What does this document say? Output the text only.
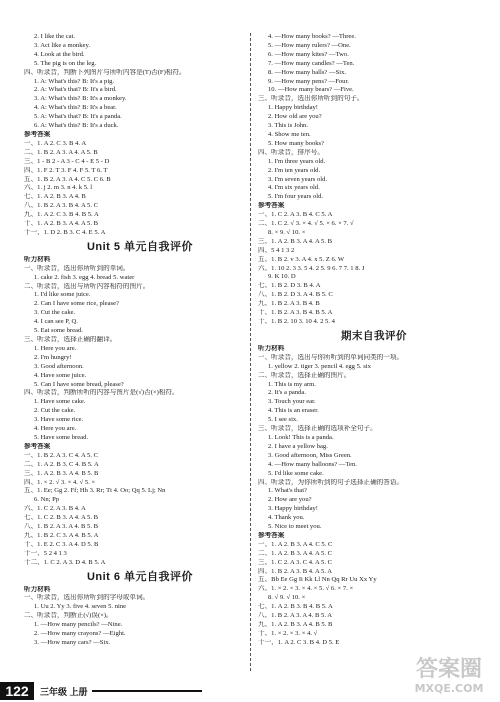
2. I like the cat.
3. Act like a monkey.
4. Look at the bird.
5. The pig is on the leg.
四、听录音，判断下列图片与所听内容是(T)否(F)相符。
1. A: What's this? B: It's a pig.
2. A: What's that? B: It's a bird.
3. A: What's this? B: It's a monkey.
4. A: What's this? B: It's a bear.
5. A: What's that? B: It's a panda.
6. A: What's this? B: It's a duck.
参考答案
一、1. A 2. C 3. B 4. A
二、1. B 2. A 3. A 4. A 5. B
三、1 - B 2 - A 3 - C 4 - E 5 - D
四、1. F 2. T 3. F 4. F 5. T 6. T
五、1. B 2. A 3. A 4. C 5. C 6. B
六、1. j 2. m 3. n 4. k 5. l
七、1. A 2. B 3. A 4. B
八、1. B 2. A 3. B 4. A 5. C
九、1. A 2. C 3. B 4. B 5. A
十、1. A 2. B 3. A 4. A 5. B
十一、1. D 2. B 3. C 4. E 5. A
Unit 5 单元自我评价
听力材料
一、听录音，选出你所听到的单词。
1. cake 2. fish 3. egg 4. bread 5. water
二、听录音，选出与所听内容相符的图片。
1. I'd like some juice.
2. Can I have some rice, please?
3. Cut the cake.
4. I can see P, Q.
5. Eat some bread.
三、听录音，选择正确的翻译。
1. Here you are.
2. I'm hungry!
3. Good afternoon.
4. Have some juice.
5. Can I have some bread, please?
四、听录音，判断所听的内容与图片是(√)否(×)相符。
1. Have some cake.
2. Cut the cake.
3. Have some rice.
4. Here you are.
5. Have some bread.
参考答案
一、1. B 2. A 3. C 4. A 5. C
二、1. A 2. B 3. C 4. B 5. A
三、1. A 2. B 3. A 4. B 5. B
四、1. × 2. √ 3. × 4. √ 5. ×
五、1. Ee; Gg 2. Ff; Hh 3. Rr; Tt 4. Oo; Qq 5. Lj; Nn
6. Nn; Pp
六、1. C 2. A 3. B 4. A
七、1. C 2. B 3. A 4. A 5. B
八、1. B 2. A 3. A 4. B 5. B
九、1. B 2. C 3. A 4. B 5. A
十、1. E 2. C 3. A 4. D 5. B
十一、5 2 4 1 3
十二、1. C 2. A 3. D 4. B 5. A
Unit 6 单元自我评价
听力材料
一、听录音，选出你所听到的字母或单词。
1. Uu 2. Yy 3. five 4. seven 5. nine
二、听录音，判断正(√)误(×)。
1. —How many pencils? —Nine.
2. —How many crayons? —Eight.
3. —How many cars? —Six.
4. —How many books? —Three.
5. —How many rulers? —One.
6. —How many kites? —Two.
7. —How many candles? —Ten.
8. —How many balls? —Six.
9. —How many pens? —Four.
10. —How many bears? —Five.
三、听录音，选出你所听到的句子。
1. Happy birthday!
2. How old are you?
3. This is John.
4. Show me ten.
5. How many books?
四、听录音，排序号。
1. I'm three years old.
2. I'm ten years old.
3. I'm seven years old.
4. I'm six years old.
5. I'm four years old.
参考答案
一、1. C 2. A 3. B 4. C 5. A
二、1. C 2. √ 3. × 4. √ 5. × 6. × 7. √
8. × 9. √ 10. ×
三、1. A 2. B 3. A 4. A 5. B
四、5 4 1 3 2
五、1. B 2. v 3. A 4. x 5. Z 6. W
六、1. 10 2. 3 3. 5 4. 2 5. 9 6. 7 7. 1 8. J
9. K 10. D
七、1. B 2. D 3. B 4. A
八、1. B 2. D 3. A 4. B 5. C
九、1. B 2. A 3. B 4. B
十、1. B 2. A 3. B 4. B 5. A
十、1. B 2. 10 3. 10 4. 2 5. 4
期末自我评价
听力材料
一、听录音，选出与你所听到的单词同类的一项。
1. yellow 2. tiger 3. pencil 4. egg 5. six
二、听录音，选择正确的图片。
1. This is my arm.
2. It's a panda.
3. Touch your ear.
4. This is an eraser.
5. I see six.
三、听录音，选择正确的选项补全句子。
1. Look! This is a panda.
2. I have a yellow bag.
3. Good afternoon, Miss Green.
4. —How many balloons? —Ten.
5. I'd like some cake.
四、听录音，为你所听到的句子选择正确的答语。
1. What's that?
2. How are you?
3. Happy birthday!
4. Thank you.
5. Nice to meet you.
参考答案
一、1. A 2. B 3. A 4. C 5. C
二、1. A 2. B 3. A 4. A 5. C
三、1. C 2. A 3. C 4. A 5. C
四、1. B 2. A 3. B 4. A 5. A
五、Bb Ee Gg Ii Kk Ll Nn Qq Rr Uu Xx Yy
六、1. × 2. × 3. × 4. × 5. √ 6. × 7. ×
8. √ 9. √ 10. ×
七、1. A 2. B 3. B 4. B 5. A
八、1. B 2. A 3. A 4. B 5. A
九、1. A 2. B 3. A 4. B 5. B
十、1. × 2. × 3. × 4. √
十一、1. A 2. C 3. B 4. D 5. E
122	三年级 上册
答案圈
MXQE.COM
